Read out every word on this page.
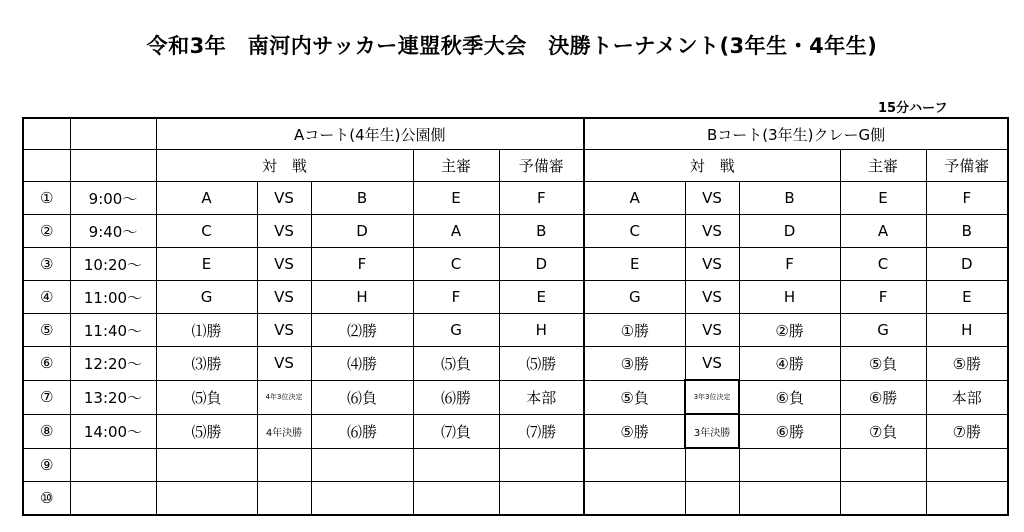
令和3年　南河内サッカー連盟秋季大会　決勝トーナメント(3年生・4年生)
15分ハーフ
		Aコート(4年生)公園側					Bコート(3年生)クレーG側				
		対　戦			主審	予備審	対　戦			主審	予備審
①	9:00～	A	VS	B	E	F	A	VS	B	E	F
②	9:40～	C	VS	D	A	B	C	VS	D	A	B
③	10:20～	E	VS	F	C	D	E	VS	F	C	D
④	11:00～	G	VS	H	F	E	G	VS	H	F	E
⑤	11:40～	⑴勝	VS	⑵勝	G	H	①勝	VS	②勝	G	H
⑥	12:20～	⑶勝	VS	⑷勝	⑸負	⑸勝	③勝	VS	④勝	⑤負	⑤勝
⑦	13:20～	⑸負	4年3位決定	⑹負	⑹勝	本部	⑤負	3年3位決定	⑥負	⑥勝	本部
⑧	14:00～	⑸勝	4年決勝	⑹勝	⑺負	⑺勝	⑤勝	3年決勝	⑥勝	⑦負	⑦勝
⑨											
⑩											
